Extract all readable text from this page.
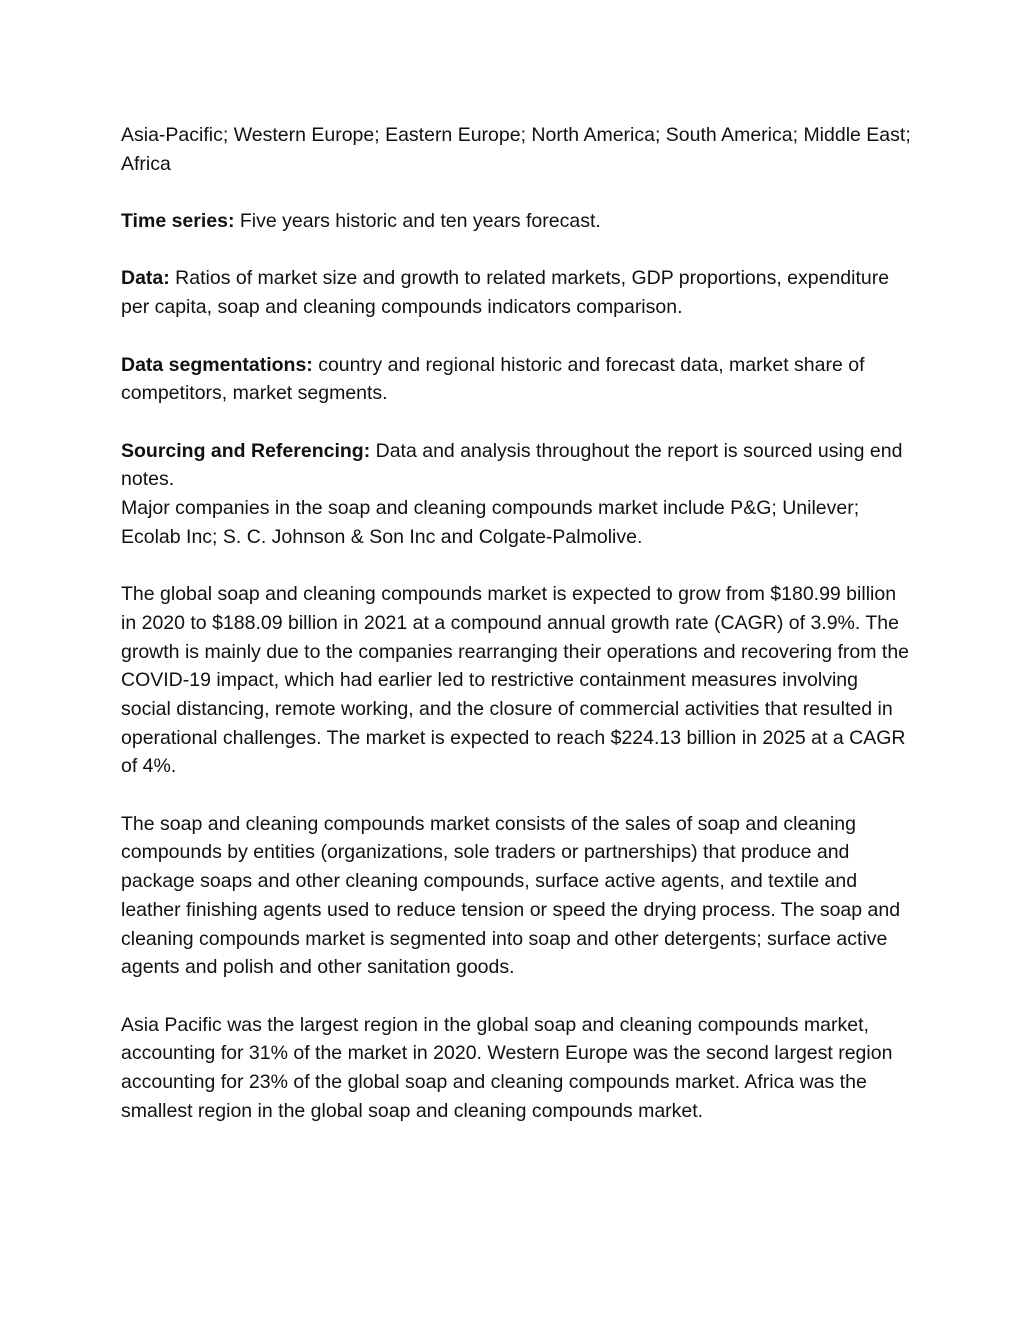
Asia-Pacific; Western Europe; Eastern Europe; North America; South America; Middle East; Africa

Time series: Five years historic and ten years forecast.

Data: Ratios of market size and growth to related markets, GDP proportions, expenditure per capita, soap and cleaning compounds indicators comparison.

Data segmentations: country and regional historic and forecast data, market share of competitors, market segments.

Sourcing and Referencing: Data and analysis throughout the report is sourced using end notes.

Major companies in the soap and cleaning compounds market include P&G; Unilever; Ecolab Inc; S. C. Johnson & Son Inc and Colgate-Palmolive.

The global soap and cleaning compounds market is expected to grow from $180.99 billion in 2020 to $188.09 billion in 2021 at a compound annual growth rate (CAGR) of 3.9%. The growth is mainly due to the companies rearranging their operations and recovering from the COVID-19 impact, which had earlier led to restrictive containment measures involving social distancing, remote working, and the closure of commercial activities that resulted in operational challenges. The market is expected to reach $224.13 billion in 2025 at a CAGR of 4%.

The soap and cleaning compounds market consists of the sales of soap and cleaning compounds by entities (organizations, sole traders or partnerships) that produce and package soaps and other cleaning compounds, surface active agents, and textile and leather finishing agents used to reduce tension or speed the drying process. The soap and cleaning compounds market is segmented into soap and other detergents; surface active agents and polish and other sanitation goods.

Asia Pacific was the largest region in the global soap and cleaning compounds market, accounting for 31% of the market in 2020. Western Europe was the second largest region accounting for 23% of the global soap and cleaning compounds market. Africa was the smallest region in the global soap and cleaning compounds market.
